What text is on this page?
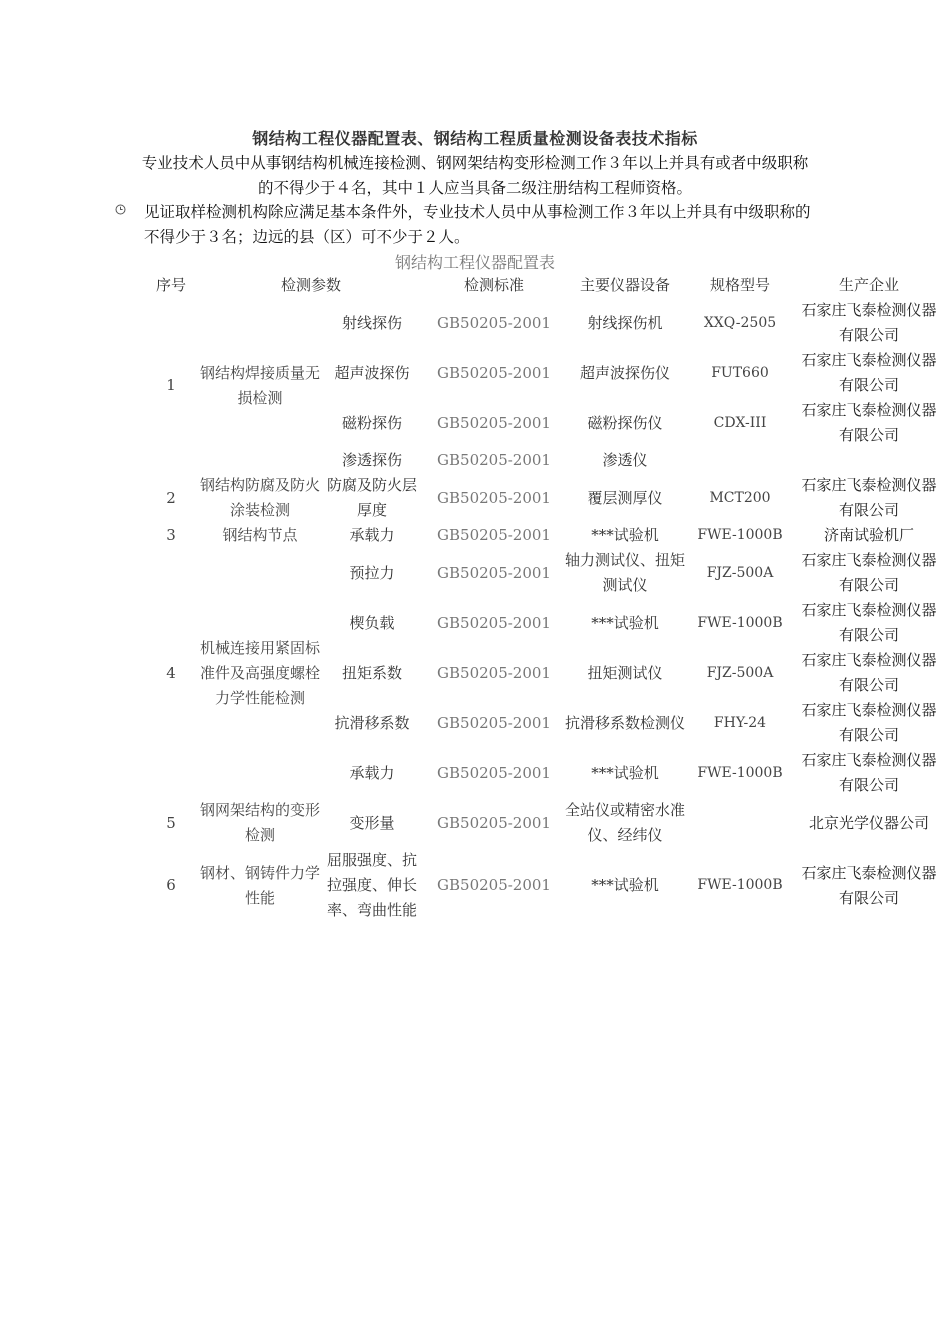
钢结构工程仪器配置表、钢结构工程质量检测设备表技术指标
专业技术人员中从事钢结构机械连接检测、钢网架结构变形检测工作３年以上并具有或者中级职称的不得少于４名，其中１人应当具备二级注册结构工程师资格。
见证取样检测机构除应满足基本条件外，专业技术人员中从事检测工作３年以上并具有中级职称的不得少于３名；边远的县（区）可不少于２人。
钢结构工程仪器配置表
序号	检测参数		检测标准	主要仪器设备	规格型号	生产企业
1	钢结构焊接质量无损检测	射线探伤	GB50205-2001	射线探伤机	XXQ-2505	石家庄飞泰检测仪器有限公司
		超声波探伤	GB50205-2001	超声波探伤仪	FUT660	石家庄飞泰检测仪器有限公司
		磁粉探伤	GB50205-2001	磁粉探伤仪	CDX-III	石家庄飞泰检测仪器有限公司
		渗透探伤	GB50205-2001	渗透仪		
2	钢结构防腐及防火涂装检测	防腐及防火层厚度	GB50205-2001	覆层测厚仪	MCT200	石家庄飞泰检测仪器有限公司
3	钢结构节点	承载力	GB50205-2001	***试验机	FWE-1000B	济南试验机厂
4	机械连接用紧固标准件及高强度螺栓力学性能检测	预拉力	GB50205-2001	轴力测试仪、扭矩测试仪	FJZ-500A	石家庄飞泰检测仪器有限公司
		楔负载	GB50205-2001	***试验机	FWE-1000B	石家庄飞泰检测仪器有限公司
		扭矩系数	GB50205-2001	扭矩测试仪	FJZ-500A	石家庄飞泰检测仪器有限公司
		抗滑移系数	GB50205-2001	抗滑移系数检测仪	FHY-24	石家庄飞泰检测仪器有限公司
		承载力	GB50205-2001	***试验机	FWE-1000B	石家庄飞泰检测仪器有限公司
5	钢网架结构的变形检测	变形量	GB50205-2001	全站仪或精密水准仪、经纬仪		北京光学仪器公司
6	钢材、钢铸件力学性能	屈服强度、抗拉强度、伸长率、弯曲性能	GB50205-2001	***试验机	FWE-1000B	石家庄飞泰检测仪器有限公司
